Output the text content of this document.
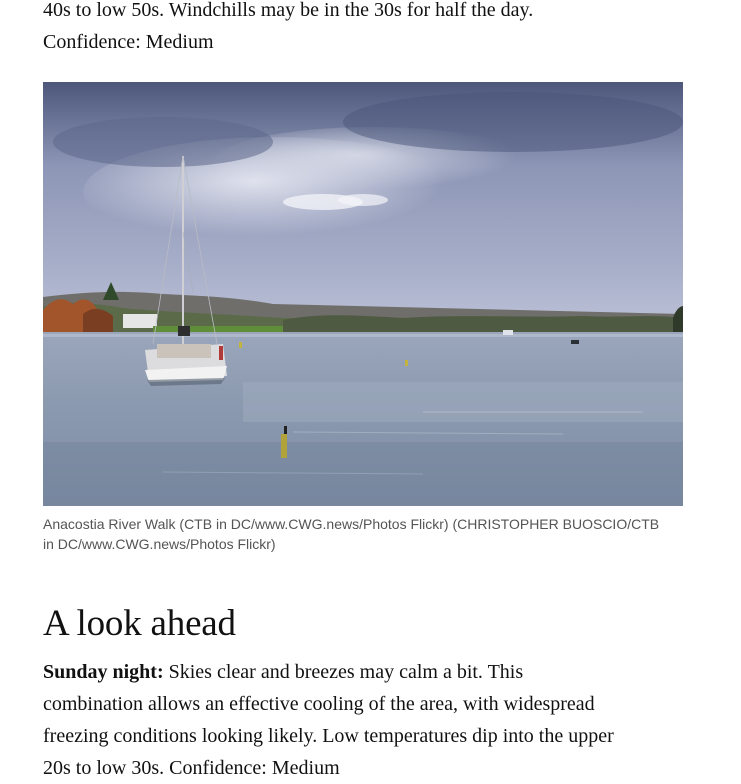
40s to low 50s. Windchills may be in the 30s for half the day.
Confidence: Medium

Anacostia River Walk (CTB in DC/www.CWG.news/Photos Flickr) (CHRISTOPHER BUOSCIO/CTB
in DC/www.CWG.news/Photos Flickr)

A look ahead

Sunday night: Skies clear and breezes may calm a bit. This
combination allows an effective cooling of the area, with widespread
freezing conditions looking likely. Low temperatures dip into the upper
20s to low 30s. Confidence: Medium
